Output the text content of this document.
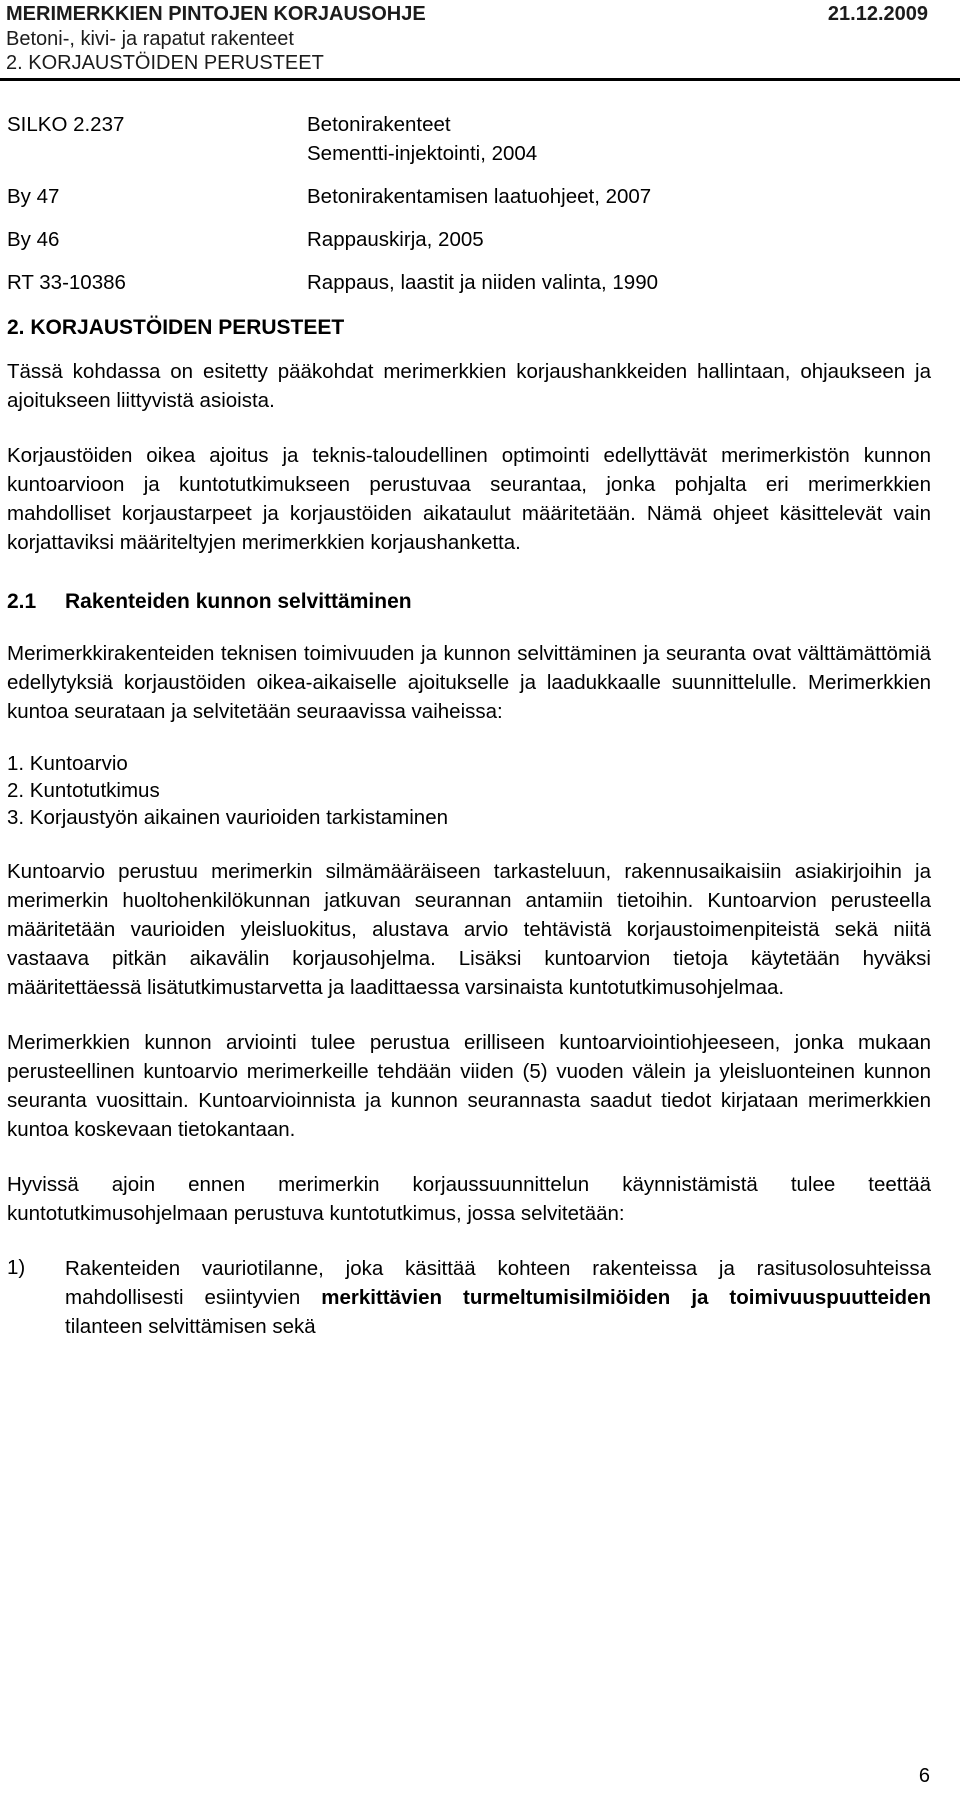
MERIMERKKIEN PINTOJEN KORJAUSOHJE	21.12.2009
Betoni-, kivi- ja rapatut rakenteet
2. KORJAUSTÖIDEN PERUSTEET
SILKO 2.237	Betonirakenteet
Sementti-injektointi, 2004
By 47	Betonirakentamisen laatuohjeet, 2007
By 46	Rappauskirja, 2005
RT 33-10386	Rappaus, laastit ja niiden valinta, 1990
2. KORJAUSTÖIDEN PERUSTEET

Tässä kohdassa on esitetty pääkohdat merimerkkien korjaushankkeiden hallintaan, ohjaukseen ja ajoitukseen liittyvistä asioista.

Korjaustöiden oikea ajoitus ja teknis-taloudellinen optimointi edellyttävät merimerkistön kunnon kuntoarvioon ja kuntotutkimukseen perustuvaa seurantaa, jonka pohjalta eri merimerkkien mahdolliset korjaustarpeet ja korjaustöiden aikataulut määritetään. Nämä ohjeet käsittelevät vain korjattaviksi määriteltyjen merimerkkien korjaushanketta.

2.1	Rakenteiden kunnon selvittäminen

Merimerkkirakenteiden teknisen toimivuuden ja kunnon selvittäminen ja seuranta ovat välttämättömiä edellytyksiä korjaustöiden oikea-aikaiselle ajoitukselle ja laadukkaalle suunnittelulle. Merimerkkien kuntoa seurataan ja selvitetään seuraavissa vaiheissa:

1. Kuntoarvio
2. Kuntotutkimus
3. Korjaustyön aikainen vaurioiden tarkistaminen

Kuntoarvio perustuu merimerkin silmämääräiseen tarkasteluun, rakennusaikaisiin asiakirjoihin ja merimerkin huoltohenkilökunnan jatkuvan seurannan antamiin tietoihin. Kuntoarvion perusteella määritetään vaurioiden yleisluokitus, alustava arvio tehtävistä korjaustoimenpiteistä sekä niitä vastaava pitkän aikavälin korjausohjelma. Lisäksi kuntoarvion tietoja käytetään hyväksi määritettäessä lisätutkimustarvetta ja laadittaessa varsinaista kuntotutkimusohjelmaa.

Merimerkkien kunnon arviointi tulee perustua erilliseen kuntoarviointiohjeeseen, jonka mukaan perusteellinen kuntoarvio merimerkeille tehdään viiden (5) vuoden välein ja yleisluonteinen kunnon seuranta vuosittain. Kuntoarvioinnista ja kunnon seurannasta saadut tiedot kirjataan merimerkkien kuntoa koskevaan tietokantaan.

Hyvissä ajoin ennen merimerkin korjaussuunnittelun käynnistämistä tulee teettää kuntotutkimusohjelmaan perustuva kuntotutkimus, jossa selvitetään:

1)	Rakenteiden vauriotilanne, joka käsittää kohteen rakenteissa ja rasitusolosuhteissa mahdollisesti esiintyvien merkittävien turmeltumisilmiöiden ja toimivuuspuutteiden tilanteen selvittämisen sekä

6
